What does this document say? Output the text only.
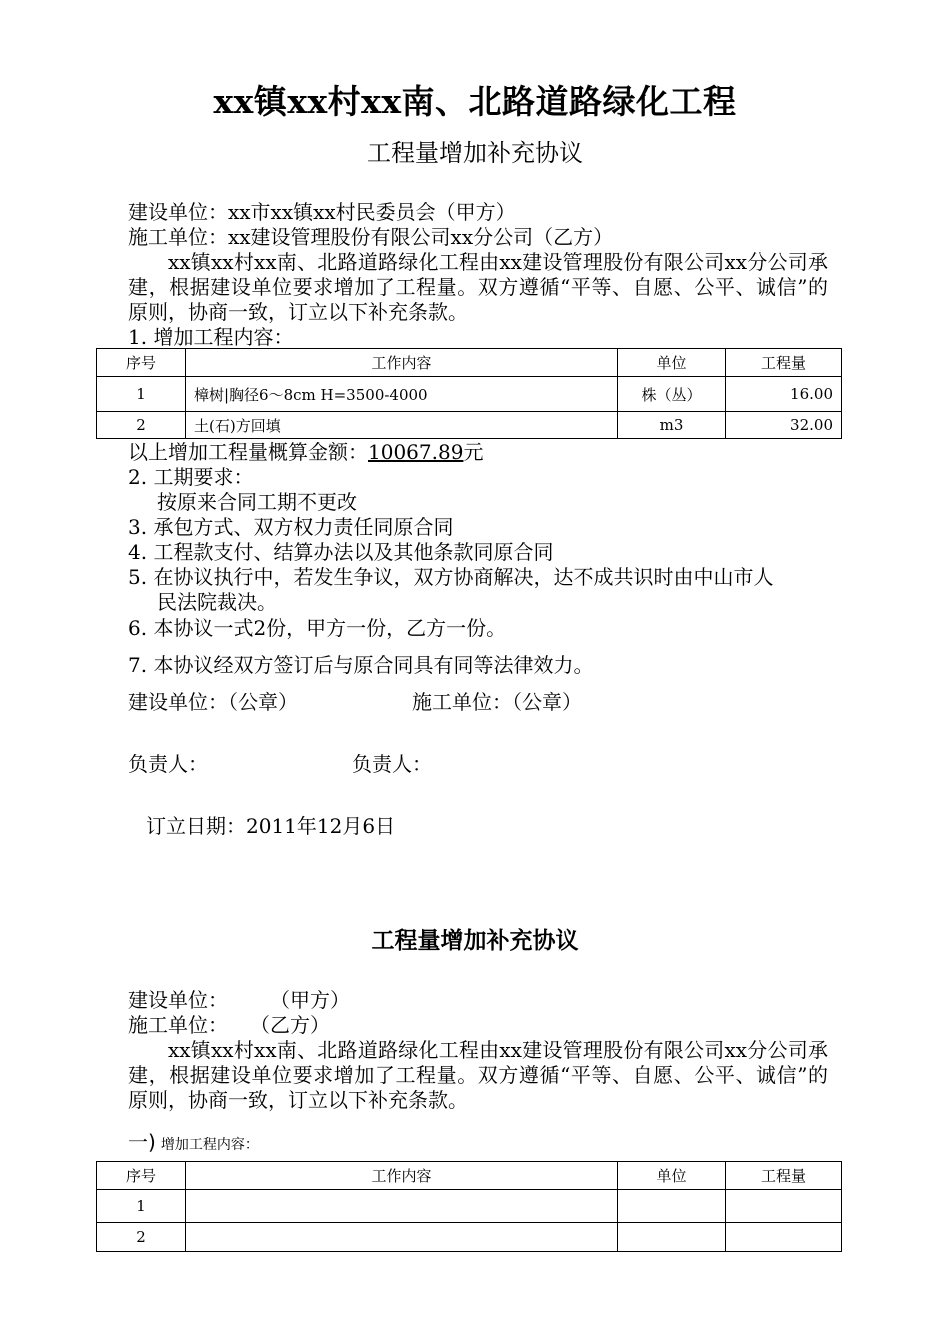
xx镇xx村xx南、北路道路绿化工程
工程量增加补充协议
建设单位：xx市xx镇xx村民委员会（甲方）
施工单位：xx建设管理股份有限公司xx分公司（乙方）
xx镇xx村xx南、北路道路绿化工程由xx建设管理股份有限公司xx分公司承建，根据建设单位要求增加了工程量。双方遵循“平等、自愿、公平、诚信”的原则，协商一致，订立以下补充条款。
1. 增加工程内容：
序号	工作内容	单位	工程量
1	樟树|胸径6～8cm H=3500-4000	株（丛）	16.00
2	土(石)方回填	m3	32.00
以上增加工程量概算金额：10067.89元
2. 工期要求：
按原来合同工期不更改
3. 承包方式、双方权力责任同原合同
4. 工程款支付、结算办法以及其他条款同原合同
5. 在协议执行中，若发生争议，双方协商解决，达不成共识时由中山市人
民法院裁决。
6. 本协议一式2份，甲方一份，乙方一份。
7. 本协议经双方签订后与原合同具有同等法律效力。
建设单位：（公章）	施工单位：（公章）
负责人：	负责人：
订立日期：2011年12月6日
工程量增加补充协议
建设单位：	（甲方）
施工单位： （乙方）
xx镇xx村xx南、北路道路绿化工程由xx建设管理股份有限公司xx分公司承建，根据建设单位要求增加了工程量。双方遵循“平等、自愿、公平、诚信”的原则，协商一致，订立以下补充条款。
一) 增加工程内容：
序号	工作内容	单位	工程量
1			
2			
